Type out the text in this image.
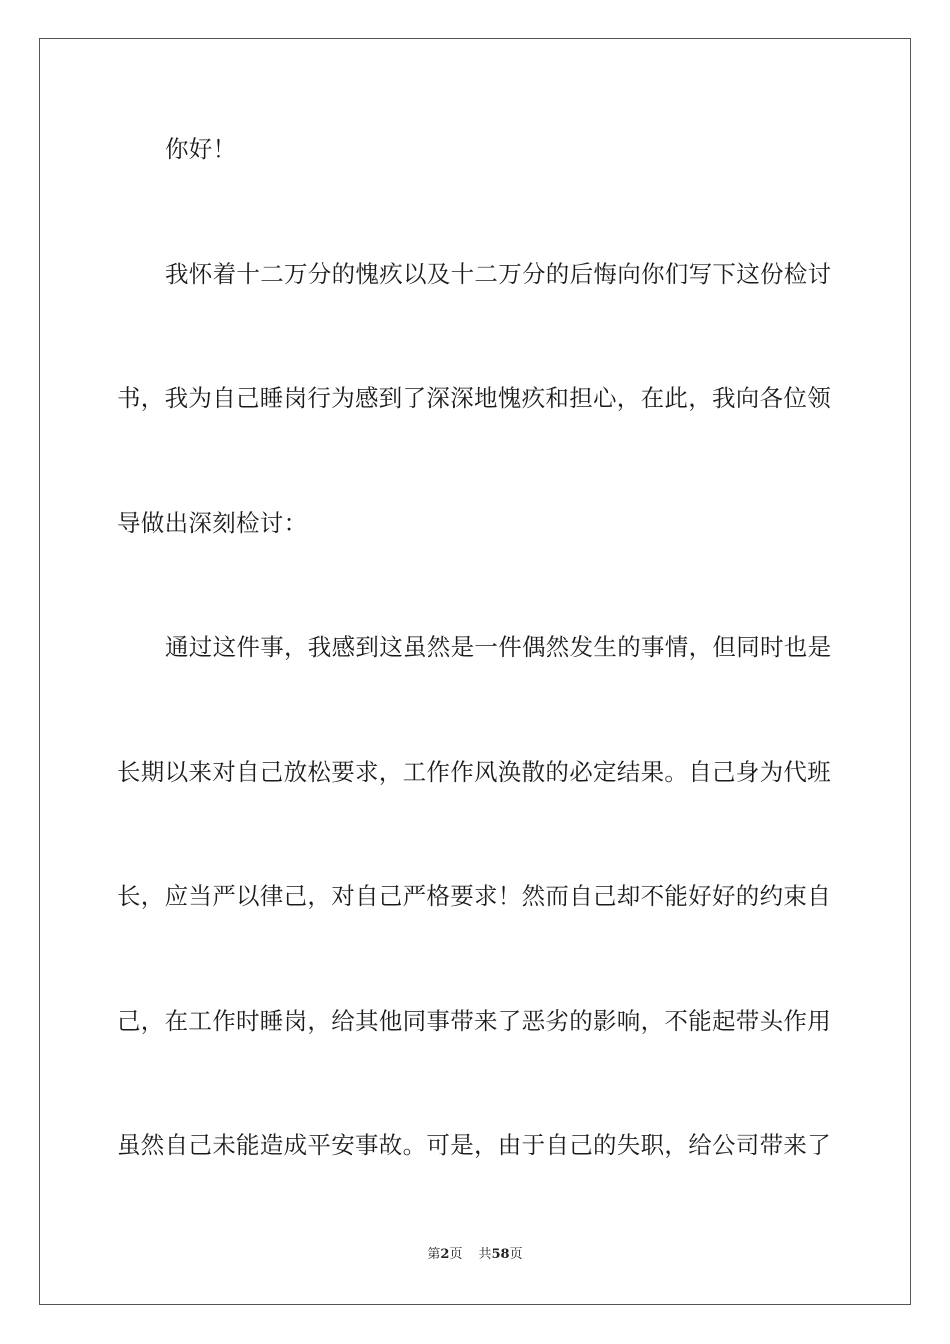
你好！
我怀着十二万分的愧疚以及十二万分的后悔向你们写下这份检讨
书，我为自己睡岗行为感到了深深地愧疚和担心，在此，我向各位领
导做出深刻检讨：
通过这件事，我感到这虽然是一件偶然发生的事情，但同时也是
长期以来对自己放松要求，工作作风涣散的必定结果。自己身为代班
长，应当严以律己，对自己严格要求！然而自己却不能好好的约束自
己，在工作时睡岗，给其他同事带来了恶劣的影响，不能起带头作用
虽然自己未能造成平安事故。可是，由于自己的失职，给公司带来了
第2页 共58页
